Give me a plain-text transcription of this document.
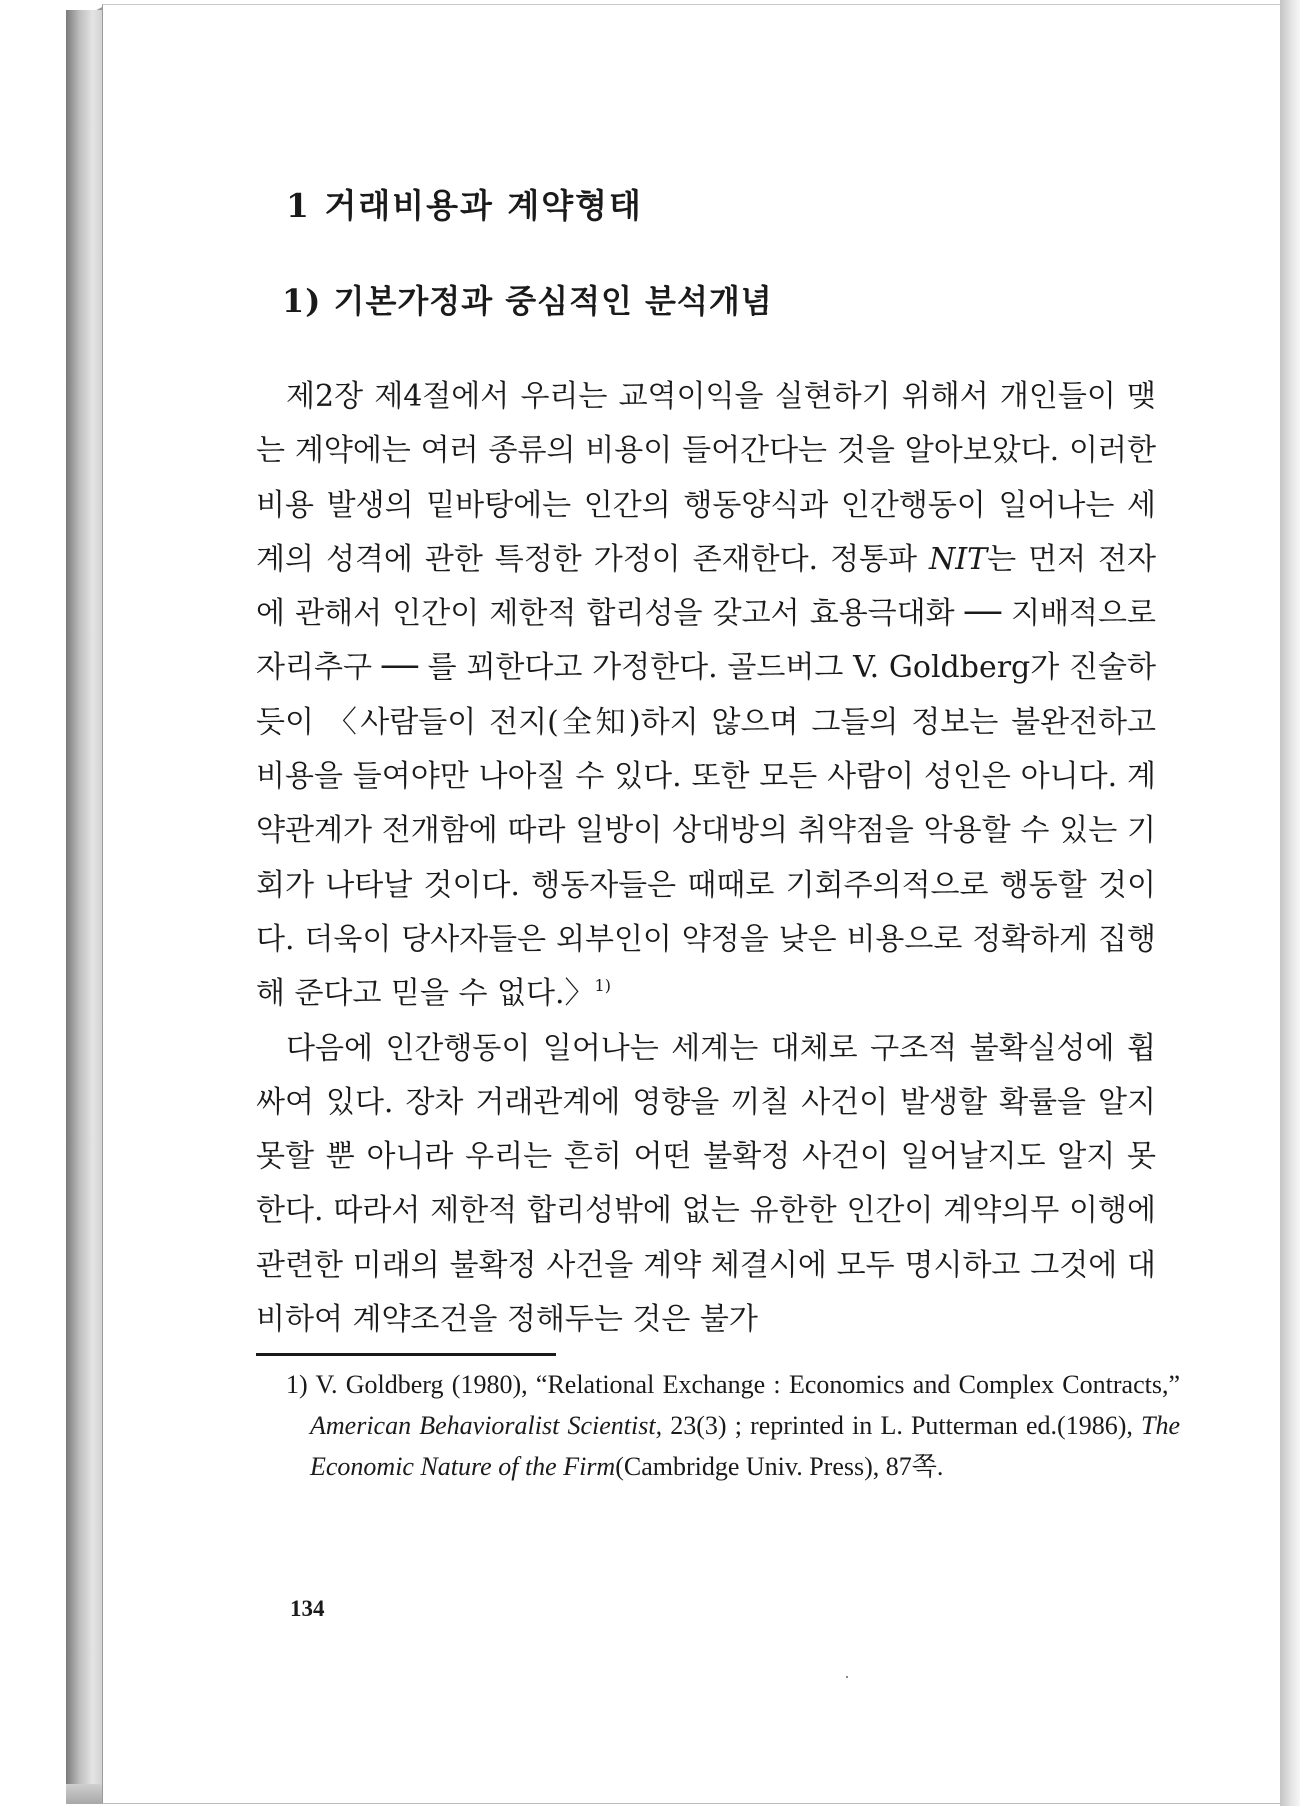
1 거래비용과 계약형태
1) 기본가정과 중심적인 분석개념

제2장 제4절에서 우리는 교역이익을 실현하기 위해서 개인들이 맺는 계약에는 여러 종류의 비용이 들어간다는 것을 알아보았다. 이러한 비용 발생의 밑바탕에는 인간의 행동양식과 인간행동이 일어나는 세계의 성격에 관한 특정한 가정이 존재한다. 정통파 NIT는 먼저 전자에 관해서 인간이 제한적 합리성을 갖고서 효용극대화 ── 지배적으로 자리추구 ── 를 꾀한다고 가정한다. 골드버그 V. Goldberg가 진술하듯이 〈사람들이 전지(全知)하지 않으며 그들의 정보는 불완전하고 비용을 들여야만 나아질 수 있다. 또한 모든 사람이 성인은 아니다. 계약관계가 전개함에 따라 일방이 상대방의 취약점을 악용할 수 있는 기회가 나타날 것이다. 행동자들은 때때로 기회주의적으로 행동할 것이다. 더욱이 당사자들은 외부인이 약정을 낮은 비용으로 정확하게 집행해 준다고 믿을 수 없다.〉$^{1)}$

다음에 인간행동이 일어나는 세계는 대체로 구조적 불확실성에 휩싸여 있다. 장차 거래관계에 영향을 끼칠 사건이 발생할 확률을 알지 못할 뿐 아니라 우리는 흔히 어떤 불확정 사건이 일어날지도 알지 못한다. 따라서 제한적 합리성밖에 없는 유한한 인간이 계약의무 이행에 관련한 미래의 불확정 사건을 계약 체결시에 모두 명시하고 그것에 대비하여 계약조건을 정해두는 것은 불가

1) V. Goldberg (1980), “Relational Exchange : Economics and Complex Contracts,” American Behavioralist Scientist, 23(3) ; reprinted in L. Putterman ed.(1986), The Economic Nature of the Firm(Cambridge Univ. Press), 87쪽.
134
